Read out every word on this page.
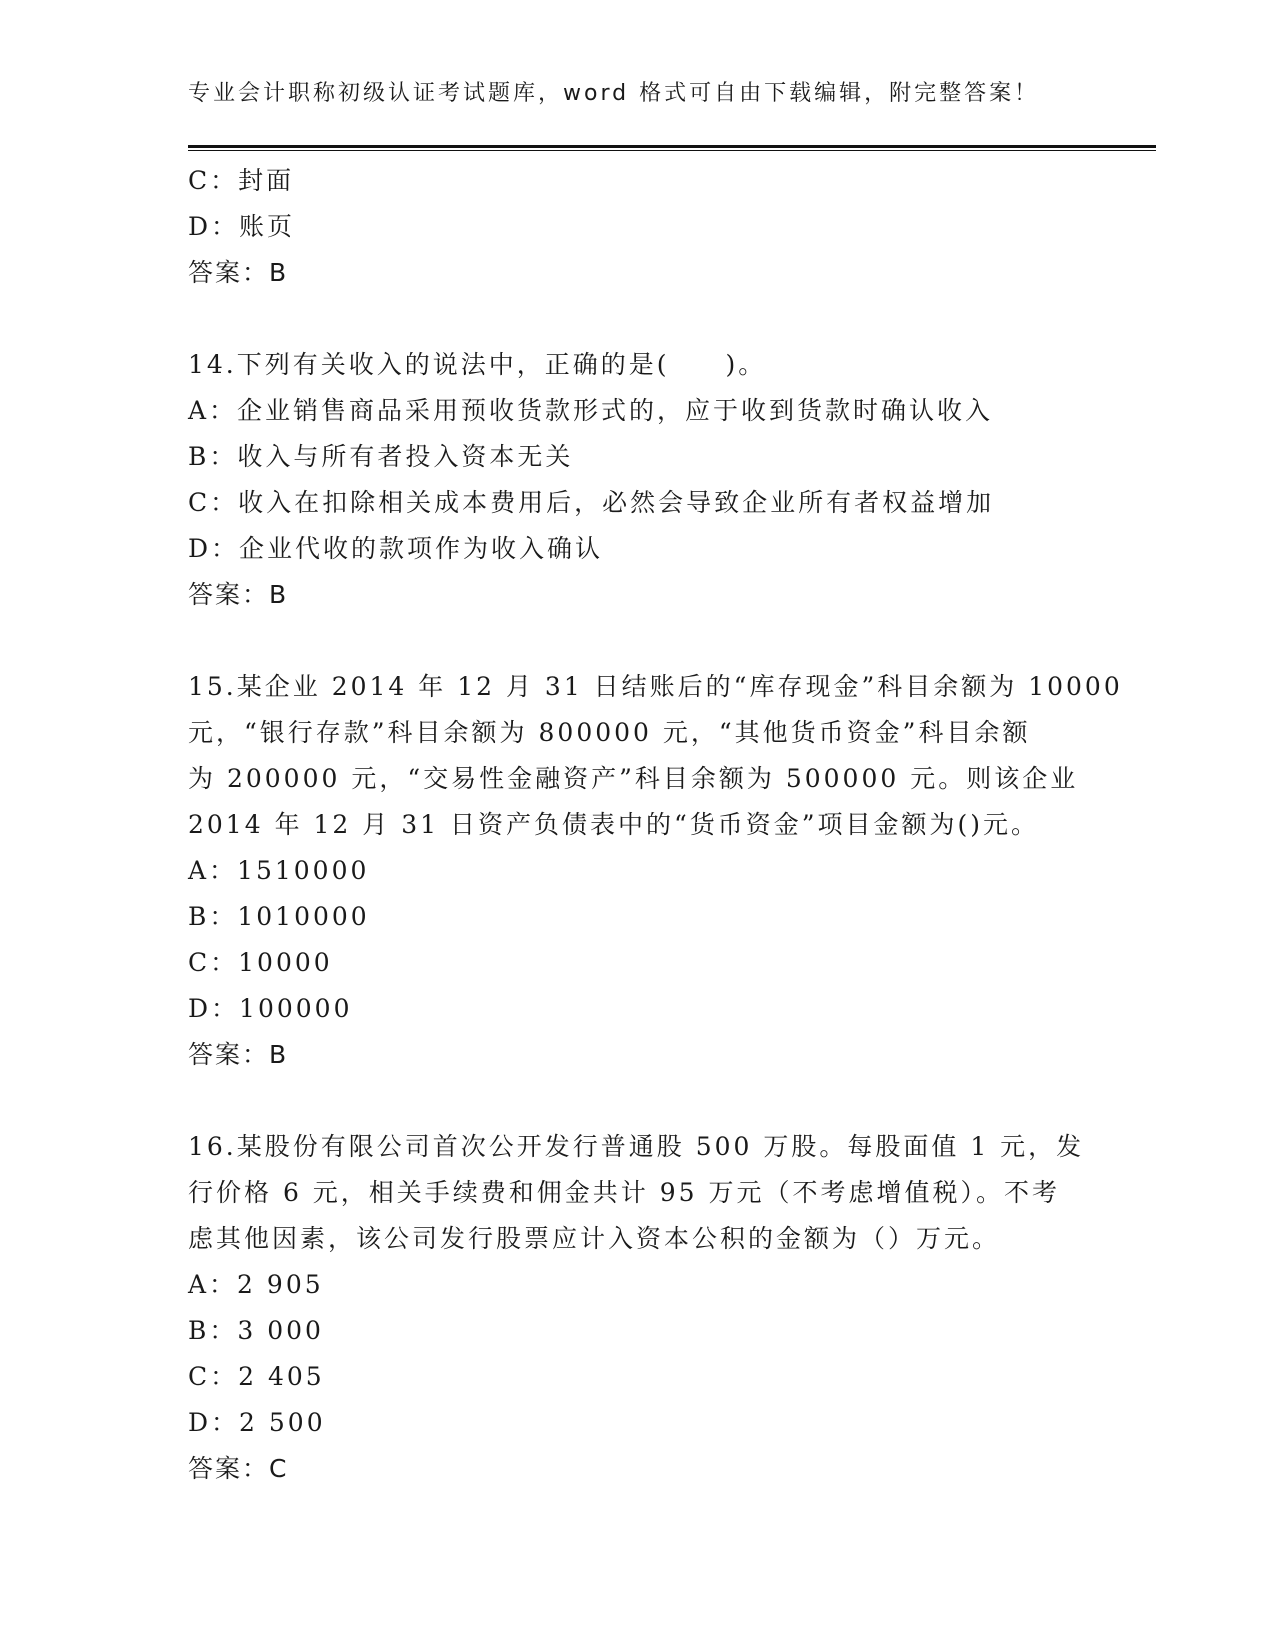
专业会计职称初级认证考试题库，word 格式可自由下载编辑，附完整答案！
C：封面
D：账页
答案：B
14.下列有关收入的说法中，正确的是(　　)。
A：企业销售商品采用预收货款形式的，应于收到货款时确认收入
B：收入与所有者投入资本无关
C：收入在扣除相关成本费用后，必然会导致企业所有者权益增加
D：企业代收的款项作为收入确认
答案：B
15.某企业 2014 年 12 月 31 日结账后的“库存现金”科目余额为 10000
元，“银行存款”科目余额为 800000 元，“其他货币资金”科目余额
为 200000 元，“交易性金融资产”科目余额为 500000 元。则该企业
2014 年 12 月 31 日资产负债表中的“货币资金”项目金额为()元。
A：1510000
B：1010000
C：10000
D：100000
答案：B
16.某股份有限公司首次公开发行普通股 500 万股。每股面值 1 元，发
行价格 6 元，相关手续费和佣金共计 95 万元（不考虑增值税）。不考
虑其他因素，该公司发行股票应计入资本公积的金额为（）万元。
A：2 905
B：3 000
C：2 405
D：2 500
答案：C
